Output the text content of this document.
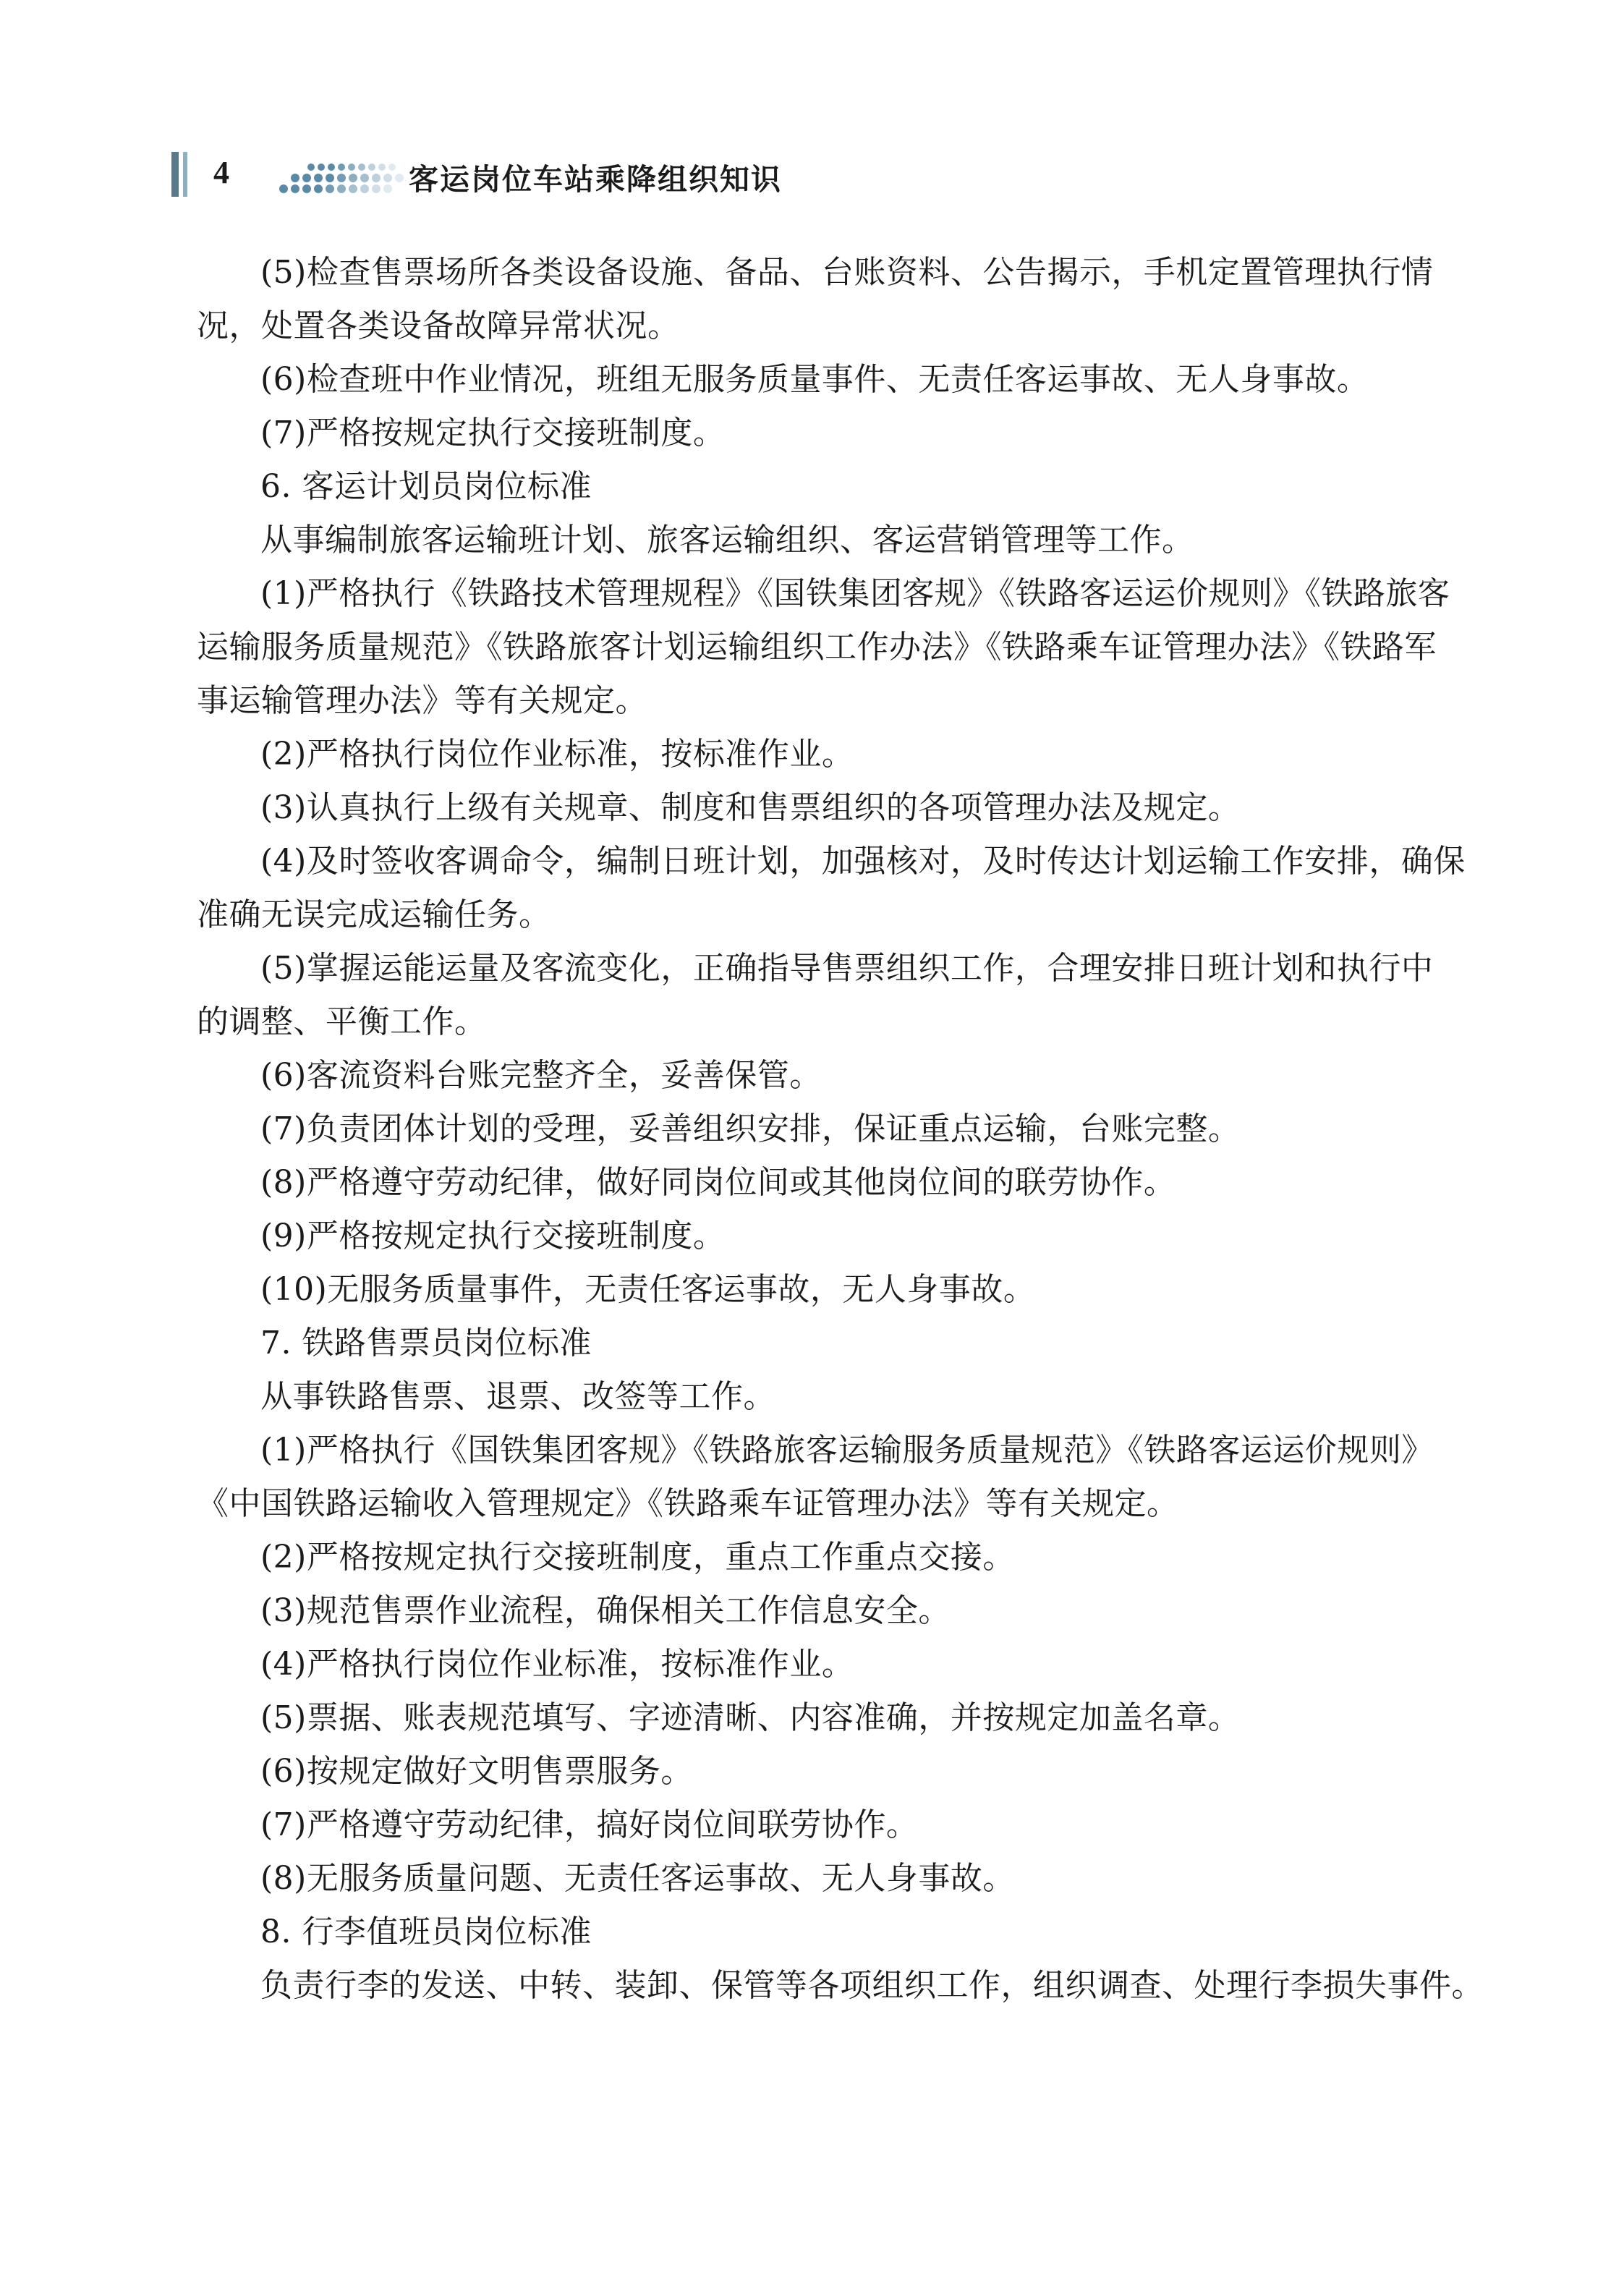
4	客运岗位车站乘降组织知识

(5)检查售票场所各类设备设施、备品、台账资料、公告揭示，手机定置管理执行情

况，处置各类设备故障异常状况。

(6)检查班中作业情况，班组无服务质量事件、无责任客运事故、无人身事故。

(7)严格按规定执行交接班制度。

6. 客运计划员岗位标准

从事编制旅客运输班计划、旅客运输组织、客运营销管理等工作。

(1)严格执行《铁路技术管理规程》《国铁集团客规》《铁路客运运价规则》《铁路旅客

运输服务质量规范》《铁路旅客计划运输组织工作办法》《铁路乘车证管理办法》《铁路军

事运输管理办法》等有关规定。

(2)严格执行岗位作业标准，按标准作业。

(3)认真执行上级有关规章、制度和售票组织的各项管理办法及规定。

(4)及时签收客调命令，编制日班计划，加强核对，及时传达计划运输工作安排，确保

准确无误完成运输任务。

(5)掌握运能运量及客流变化，正确指导售票组织工作，合理安排日班计划和执行中

的调整、平衡工作。

(6)客流资料台账完整齐全，妥善保管。

(7)负责团体计划的受理，妥善组织安排，保证重点运输，台账完整。

(8)严格遵守劳动纪律，做好同岗位间或其他岗位间的联劳协作。

(9)严格按规定执行交接班制度。

(10)无服务质量事件，无责任客运事故，无人身事故。

7. 铁路售票员岗位标准

从事铁路售票、退票、改签等工作。

(1)严格执行《国铁集团客规》《铁路旅客运输服务质量规范》《铁路客运运价规则》

《中国铁路运输收入管理规定》《铁路乘车证管理办法》等有关规定。

(2)严格按规定执行交接班制度，重点工作重点交接。

(3)规范售票作业流程，确保相关工作信息安全。

(4)严格执行岗位作业标准，按标准作业。

(5)票据、账表规范填写、字迹清晰、内容准确，并按规定加盖名章。

(6)按规定做好文明售票服务。

(7)严格遵守劳动纪律，搞好岗位间联劳协作。

(8)无服务质量问题、无责任客运事故、无人身事故。

8. 行李值班员岗位标准

负责行李的发送、中转、装卸、保管等各项组织工作，组织调查、处理行李损失事件。
